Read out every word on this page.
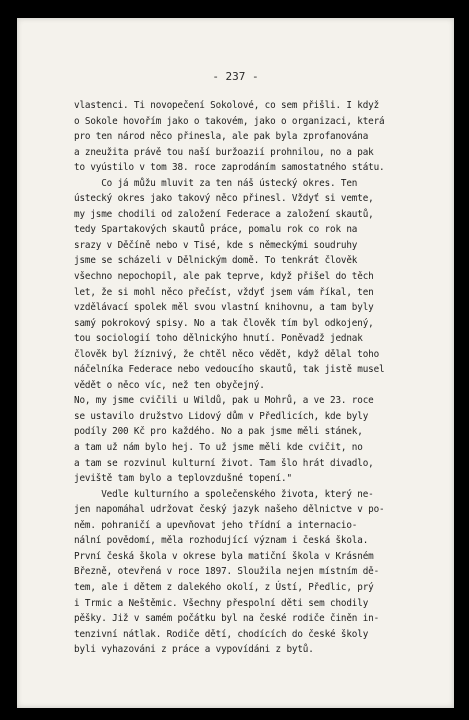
- 237 -
vlastenci. Ti novopečení Sokolové, co sem přišli. I když
o Sokole hovořím jako o takovém, jako o organizaci, která
pro ten národ něco přinesla, ale pak byla zprofanována
a zneužita právě tou naší buržoazií prohnilou, no a pak
to vyústilo v tom 38. roce zaprodáním samostatného státu.
Co já můžu mluvit za ten náš ústecký okres. Ten
ústecký okres jako takový něco přinesl. Vždyť si vemte,
my jsme chodili od založení Federace a založení skautů,
tedy Spartakových skautů práce, pomalu rok co rok na
srazy v Děčíně nebo v Tisé, kde s německými soudruhy
jsme se scházeli v Dělnickým domě. To tenkrát člověk
všechno nepochopil, ale pak teprve, když přišel do těch
let, že si mohl něco přečíst, vždyť jsem vám říkal, ten
vzdělávací spolek měl svou vlastní knihovnu, a tam byly
samý pokrokový spisy. No a tak člověk tím byl odkojený,
tou sociologií toho dělnickýho hnutí. Poněvadž jednak
člověk byl žíznivý, že chtěl něco vědět, když dělal toho
náčelníka Federace nebo vedoucího skautů, tak jistě musel
vědět o něco víc, než ten obyčejný.
No, my jsme cvičili u Wildů, pak u Mohrů, a ve 23. roce
se ustavilo družstvo Lidový dům v Předlicích, kde byly
podíly 200 Kč pro každého. No a pak jsme měli stánek,
a tam už nám bylo hej. To už jsme měli kde cvičit, no
a tam se rozvinul kulturní život. Tam šlo hrát divadlo,
jeviště tam bylo a teplovzdušné topení."
Vedle kulturního a společenského života, který ne-
jen napomáhal udržovat český jazyk našeho dělnictve v po-
něm. pohraničí a upevňovat jeho třídní a internacio-
nální povědomí, měla rozhodující význam i česká škola.
První česká škola v okrese byla matiční škola v Krásném
Březně, otevřená v roce 1897. Sloužila nejen místním dě-
tem, ale i dětem z dalekého okolí, z Ústí, Předlic, prý
i Trmic a Neštěmic. Všechny přespolní děti sem chodily
pěšky. Již v samém počátku byl na české rodiče činěn in-
tenzivní nátlak. Rodiče dětí, chodících do české školy
byli vyhazováni z práce a vypovídáni z bytů.
